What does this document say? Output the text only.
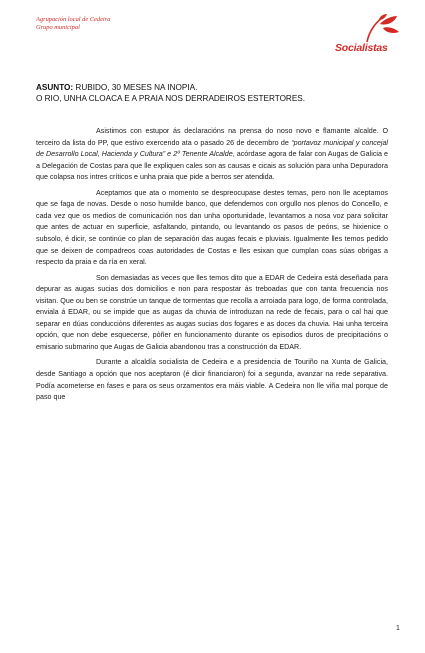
Agrupación local de Cedeira
Grupo municipal
Socialistas
ASUNTO: RUBIDO, 30 MESES NA INOPIA.
O RIO, UNHA CLOACA E A PRAIA NOS DERRADEIROS ESTERTORES.

Asistimos con estupor ás declaracións na prensa do noso novo e flamante alcalde. O terceiro da lista do PP, que estivo exercendo ata o pasado 26 de decembro de “portavoz municipal y concejal de Desarrollo Local, Hacienda y Cultura” e 2º Tenente Alcalde, acórdase agora de falar con Augas de Galicia e a Delegación de Costas para que lle expliquen cales son as causas e cicais as solución para unha Depuradora que colapsa nos intres críticos e unha praia que pide a berros ser atendida.

Aceptamos que ata o momento se despreocupase destes temas, pero non lle aceptamos que se faga de novas. Desde o noso humilde banco, que defendemos con orgullo nos plenos do Concello, e cada vez que os medios de comunicación nos dan unha oportunidade, levantamos a nosa voz para solicitar que antes de actuar en superficie, asfaltando, pintando, ou levantando os pasos de peóns, se hixienice o subsolo, é dicir, se continúe co plan de separación das augas fecais e pluviais. Igualmente lles temos pedido que se deixen de compadreos coas autoridades de Costas e lles esixan que cumplan coas súas obrigas a respecto da praia e da ría en xeral.

Son demasiadas as veces que lles temos dito que a EDAR de Cedeira está deseñada para depurar as augas sucias dos domicilios e non para respostar ás treboadas que con tanta frecuencia nos visitan. Que ou ben se constrúe un tanque de tormentas que recolla a arroiada para logo, de forma controlada, enviala á EDAR, ou se impide que as augas da chuvia de introduzan na rede de fecais, para o cal hai que separar en dúas conducciòns diferentes as augas sucias dos fogares e as doces da chuvia. Hai unha terceira opción, que non debe esquecerse, pòñer en funcionamento durante os episodios duros de precipitacións o emisario submarino que Augas de Galicia abandonou tras a construcción da EDAR.

Durante a alcaldía socialista de Cedeira e a presidencia de Touriño na Xunta de Galicia, desde Santiago a opción que nos aceptaron (é dicir financiaron) foi a segunda, avanzar na rede separativa. Podía acometerse en fases e para os seus orzamentos era máis viable. A Cedeira non lle viña mal porque de paso que

1
